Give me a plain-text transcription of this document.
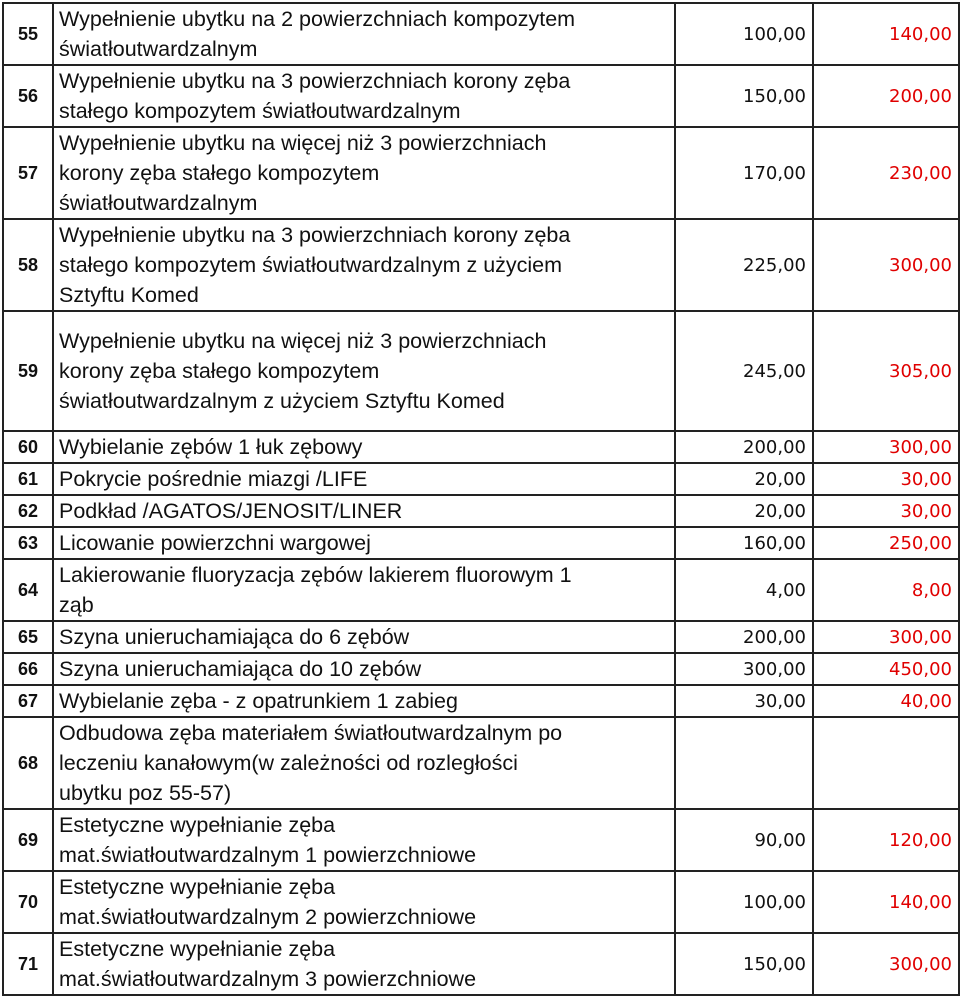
55	Wypełnienie ubytku na 2 powierzchniach kompozytem
światłoutwardzalnym	100,00	140,00
56	Wypełnienie ubytku na 3 powierzchniach korony zęba
stałego kompozytem światłoutwardzalnym	150,00	200,00
57	Wypełnienie ubytku na więcej niż 3 powierzchniach
korony zęba stałego kompozytem
światłoutwardzalnym	170,00	230,00
58	Wypełnienie ubytku na 3 powierzchniach korony zęba
stałego kompozytem światłoutwardzalnym z użyciem
Sztyftu Komed	225,00	300,00
59	Wypełnienie ubytku na więcej niż 3 powierzchniach
korony zęba stałego kompozytem
światłoutwardzalnym z użyciem Sztyftu Komed	245,00	305,00
60	Wybielanie zębów 1 łuk zębowy	200,00	300,00
61	Pokrycie pośrednie miazgi /LIFE	20,00	30,00
62	Podkład /AGATOS/JENOSIT/LINER	20,00	30,00
63	Licowanie powierzchni wargowej	160,00	250,00
64	Lakierowanie fluoryzacja zębów lakierem fluorowym 1
ząb	4,00	8,00
65	Szyna unieruchamiająca do 6 zębów	200,00	300,00
66	Szyna unieruchamiająca do 10 zębów	300,00	450,00
67	Wybielanie zęba - z opatrunkiem 1 zabieg	30,00	40,00
68	Odbudowa zęba materiałem światłoutwardzalnym po
leczeniu kanałowym(w zależności od rozległości
ubytku poz 55-57)		
69	Estetyczne wypełnianie zęba
mat.światłoutwardzalnym 1 powierzchniowe	90,00	120,00
70	Estetyczne wypełnianie zęba
mat.światłoutwardzalnym 2 powierzchniowe	100,00	140,00
71	Estetyczne wypełnianie zęba
mat.światłoutwardzalnym 3 powierzchniowe	150,00	300,00
